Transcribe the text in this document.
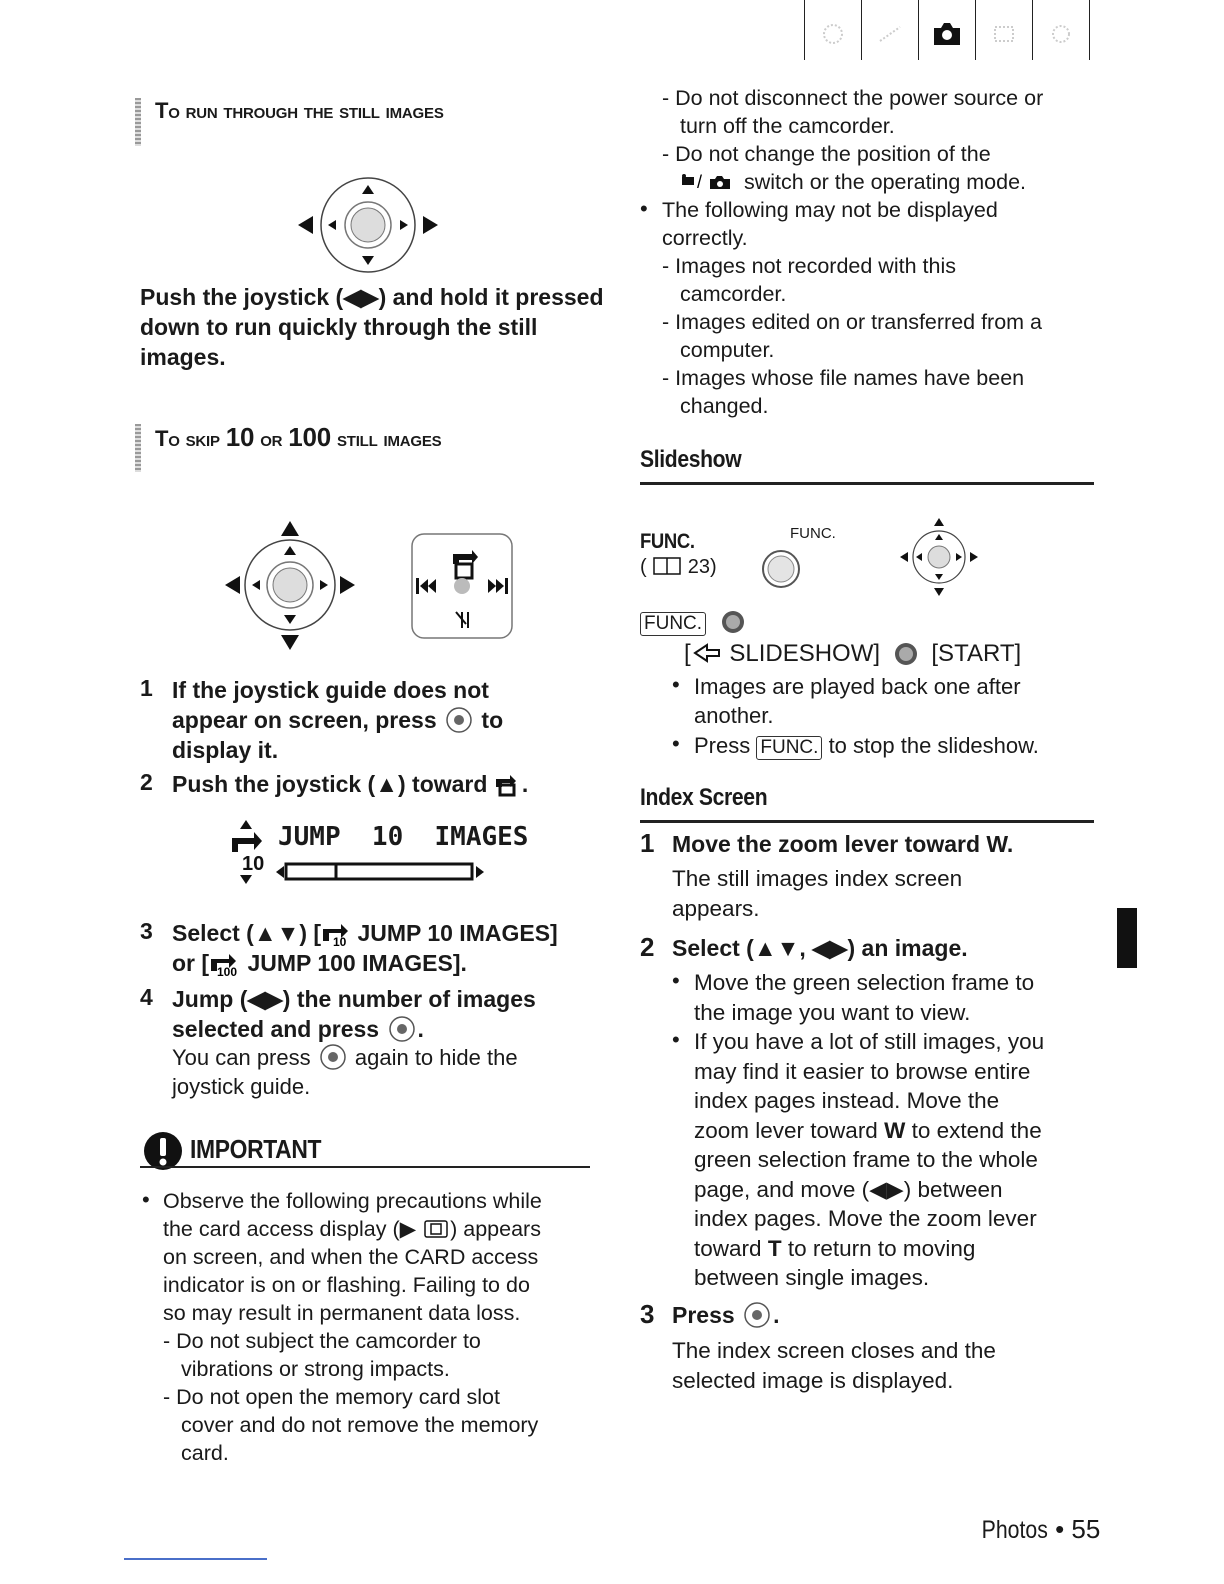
To run through the still images
Push the joystick (◀▶) and hold it pressed down to run quickly through the still images.
To skip 10 or 100 still images
1 If the joystick guide does not
appear on screen, press to
display it.
2 Push the joystick (▲) toward .
10
JUMP  10  IMAGES
3 Select (▲▼) [ 10 JUMP 10 IMAGES]
or [ 100 JUMP 100 IMAGES].
4 Jump (◀▶) the number of images
selected and press .
You can press again to hide the
joystick guide.
IMPORTANT
• Observe the following precautions while
the card access display (▶ ) appears
on screen, and when the CARD access
indicator is on or flashing. Failing to do
so may result in permanent data loss.
- Do not subject the camcorder to
vibrations or strong impacts.
- Do not open the memory card slot
cover and do not remove the memory
card.
- Do not disconnect the power source or
turn off the camcorder.
- Do not change the position of the
/ switch or the operating mode.
• The following may not be displayed
correctly.
- Images not recorded with this
camcorder.
- Images edited on or transferred from a
computer.
- Images whose file names have been
changed.
Slideshow
FUNC.
(  23)
FUNC.
FUNC.
[ SLIDESHOW] [START]
• Images are played back one after
another.
• Press FUNC. to stop the slideshow.
Index Screen
1 Move the zoom lever toward W.
The still images index screen
appears.
2 Select (▲▼, ◀▶) an image.
• Move the green selection frame to
the image you want to view.
• If you have a lot of still images, you
may find it easier to browse entire
index pages instead. Move the
zoom lever toward W to extend the
green selection frame to the whole
page, and move (◀▶) between
index pages. Move the zoom lever
toward T to return to moving
between single images.
3 Press .
The index screen closes and the
selected image is displayed.
Photos • 55
